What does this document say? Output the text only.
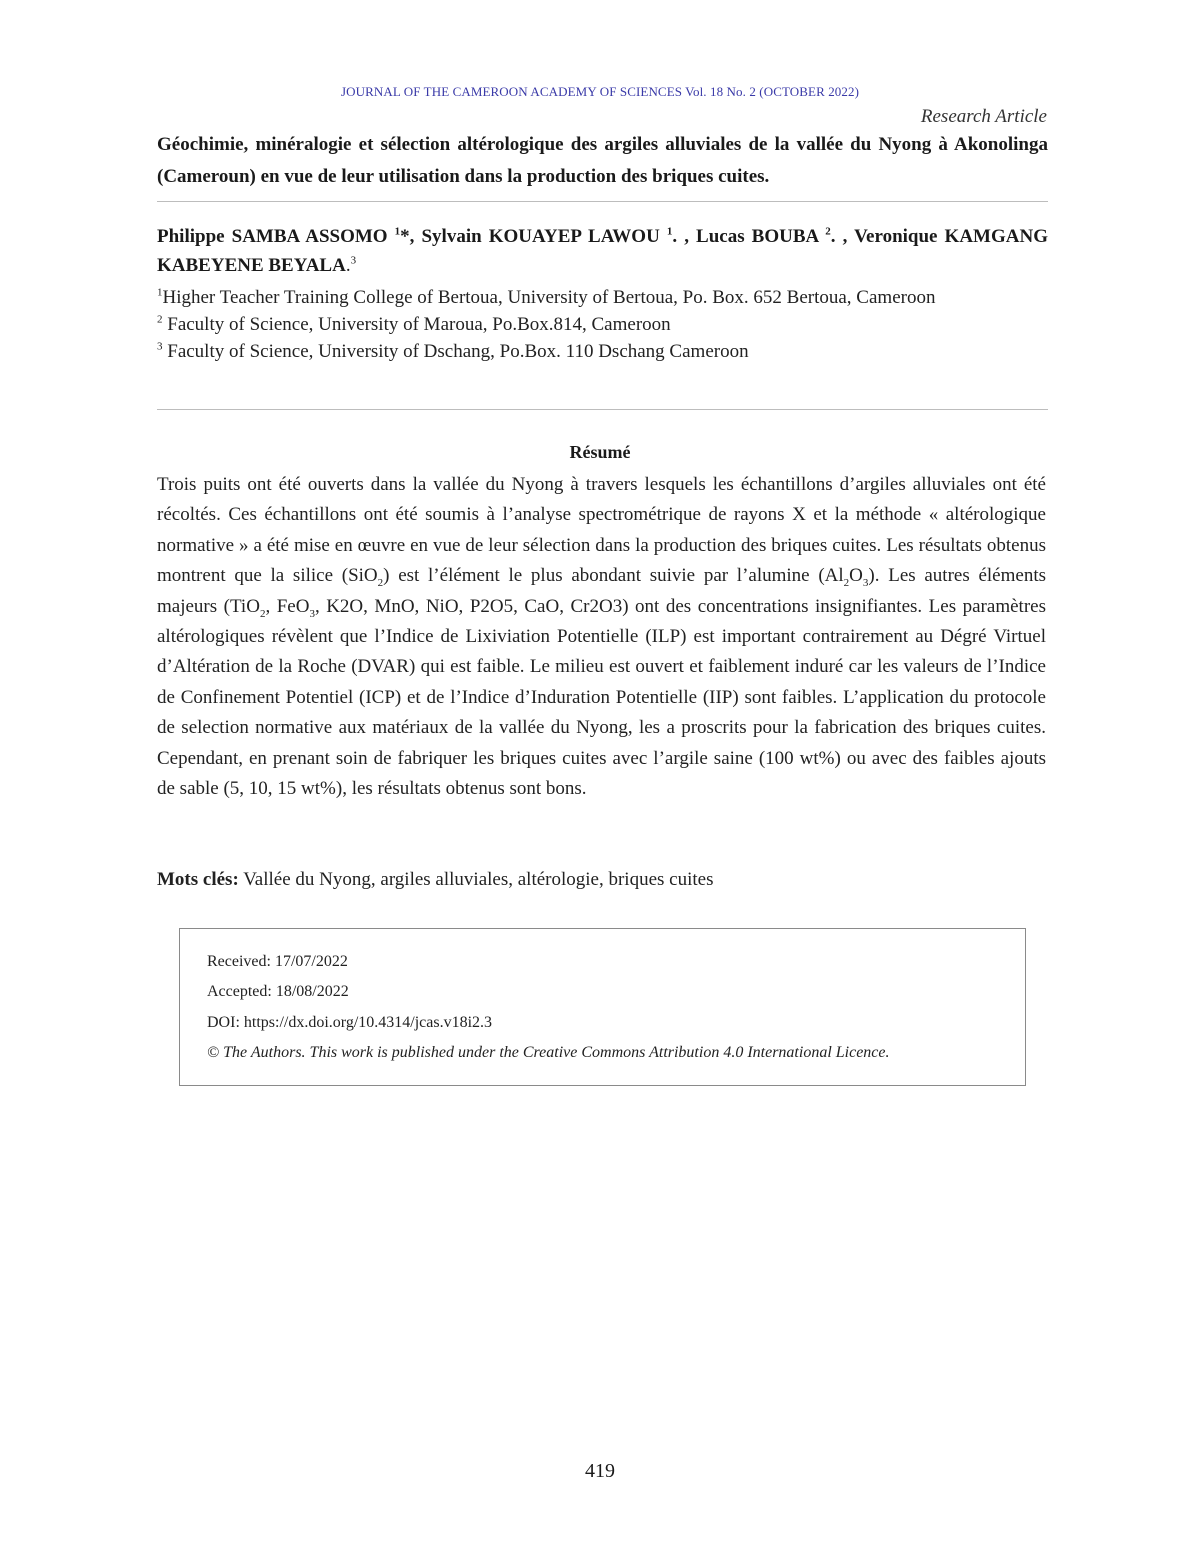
JOURNAL OF THE CAMEROON ACADEMY OF SCIENCES Vol. 18 No. 2 (OCTOBER 2022)
Research Article
Géochimie, minéralogie et sélection altérologique des argiles alluviales de la vallée du Nyong à Akonolinga (Cameroun) en vue de leur utilisation dans la production des briques cuites.
Philippe SAMBA ASSOMO $^1$*, Sylvain KOUAYEP LAWOU $^1$. , Lucas BOUBA $^2$. , Veronique KAMGANG KABEYENE BEYALA.$^3$
$^1$Higher Teacher Training College of Bertoua, University of Bertoua, Po. Box. 652 Bertoua, Cameroon
$^2$ Faculty of Science, University of Maroua, Po.Box.814, Cameroon
$^3$ Faculty of Science, University of Dschang, Po.Box. 110 Dschang Cameroon
Résumé
Trois puits ont été ouverts dans la vallée du Nyong à travers lesquels les échantillons d’argiles alluviales ont été récoltés. Ces échantillons ont été soumis à l’analyse spectrométrique de rayons X et la méthode « altérologique normative » a été mise en œuvre en vue de leur sélection dans la production des briques cuites. Les résultats obtenus montrent que la silice (SiO$_2$) est l’élément le plus abondant suivie par l’alumine $(Al_2O_3)$. Les autres éléments majeurs (TiO$_2$, FeO$_3$, K2O, MnO, NiO, P2O5, CaO, Cr2O3) ont des concentrations insignifiantes. Les paramètres altérologiques révèlent que l’Indice de Lixiviation Potentielle (ILP) est important contrairement au Dégré Virtuel d’Altération de la Roche (DVAR) qui est faible. Le milieu est ouvert et faiblement induré car les valeurs de l’Indice de Confinement Potentiel (ICP) et de l’Indice d’Induration Potentielle (IIP) sont faibles. L’application du protocole de selection normative aux matériaux de la vallée du Nyong, les a proscrits pour la fabrication des briques cuites. Cependant, en prenant soin de fabriquer les briques cuites avec l’argile saine (100 wt%) ou avec des faibles ajouts de sable (5, 10, 15 wt%), les résultats obtenus sont bons.
Mots clés: Vallée du Nyong, argiles alluviales, altérologie, briques cuites
Received: 17/07/2022
Accepted: 18/08/2022
DOI: https://dx.doi.org/10.4314/jcas.v18i2.3
© The Authors. This work is published under the Creative Commons Attribution 4.0 International Licence.
419
